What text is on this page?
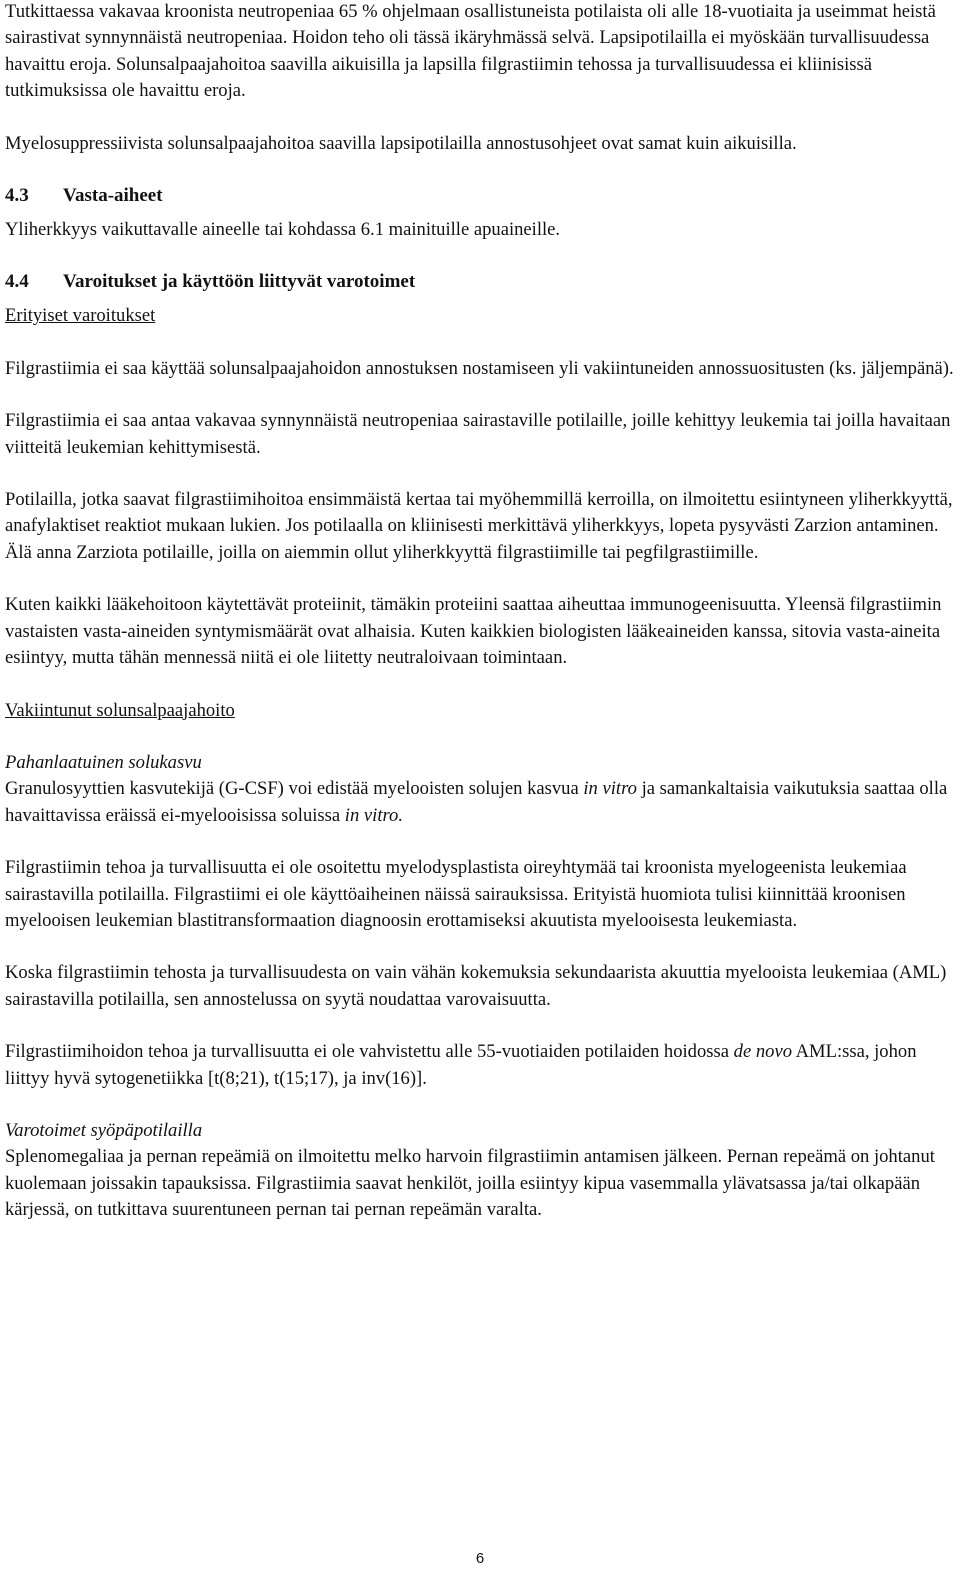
Tutkittaessa vakavaa kroonista neutropeniaa 65 % ohjelmaan osallistuneista potilaista oli alle 18-vuotiaita ja useimmat heistä sairastivat synnynnäistä neutropeniaa. Hoidon teho oli tässä ikäryhmässä selvä. Lapsipotilailla ei myöskään turvallisuudessa havaittu eroja. Solunsalpaajahoitoa saavilla aikuisilla ja lapsilla filgrastiimin tehossa ja turvallisuudessa ei kliinisissä tutkimuksissa ole havaittu eroja.

Myelosuppressiivista solunsalpaajahoitoa saavilla lapsipotilailla annostusohjeet ovat samat kuin aikuisilla.

4.3 Vasta-aiheet

Yliherkkyys vaikuttavalle aineelle tai kohdassa 6.1 mainituille apuaineille.

4.4 Varoitukset ja käyttöön liittyvät varotoimet

Erityiset varoitukset

Filgrastiimia ei saa käyttää solunsalpaajahoidon annostuksen nostamiseen yli vakiintuneiden annossuositusten (ks. jäljempänä).

Filgrastiimia ei saa antaa vakavaa synnynnäistä neutropeniaa sairastaville potilaille, joille kehittyy leukemia tai joilla havaitaan viitteitä leukemian kehittymisestä.

Potilailla, jotka saavat filgrastiimihoitoa ensimmäistä kertaa tai myöhemmillä kerroilla, on ilmoitettu esiintyneen yliherkkyyttä, anafylaktiset reaktiot mukaan lukien. Jos potilaalla on kliinisesti merkittävä yliherkkyys, lopeta pysyvästi Zarzion antaminen. Älä anna Zarziota potilaille, joilla on aiemmin ollut yliherkkyyttä filgrastiimille tai pegfilgrastiimille.

Kuten kaikki lääkehoitoon käytettävät proteiinit, tämäkin proteiini saattaa aiheuttaa immunogeenisuutta. Yleensä filgrastiimin vastaisten vasta-aineiden syntymismäärät ovat alhaisia. Kuten kaikkien biologisten lääkeaineiden kanssa, sitovia vasta-aineita esiintyy, mutta tähän mennessä niitä ei ole liitetty neutraloivaan toimintaan.

Vakiintunut solunsalpaajahoito

Pahanlaatuinen solukasvu

Granulosyyttien kasvutekijä (G-CSF) voi edistää myelooisten solujen kasvua in vitro ja samankaltaisia vaikutuksia saattaa olla havaittavissa eräissä ei-myelooisissa soluissa in vitro.

Filgrastiimin tehoa ja turvallisuutta ei ole osoitettu myelodysplastista oireyhtymää tai kroonista myelogeenista leukemiaa sairastavilla potilailla. Filgrastiimi ei ole käyttöaiheinen näissä sairauksissa. Erityistä huomiota tulisi kiinnittää kroonisen myelooisen leukemian blastitransformaation diagnoosin erottamiseksi akuutista myelooisesta leukemiasta.

Koska filgrastiimin tehosta ja turvallisuudesta on vain vähän kokemuksia sekundaarista akuuttia myelooista leukemiaa (AML) sairastavilla potilailla, sen annostelussa on syytä noudattaa varovaisuutta.

Filgrastiimihoidon tehoa ja turvallisuutta ei ole vahvistettu alle 55-vuotiaiden potilaiden hoidossa de novo AML:ssa, johon liittyy hyvä sytogenetiikka [t(8;21), t(15;17), ja inv(16)].

Varotoimet syöpäpotilailla

Splenomegaliaa ja pernan repeämiä on ilmoitettu melko harvoin filgrastiimin antamisen jälkeen. Pernan repeämä on johtanut kuolemaan joissakin tapauksissa. Filgrastiimia saavat henkilöt, joilla esiintyy kipua vasemmalla ylävatsassa ja/tai olkapään kärjessä, on tutkittava suurentuneen pernan tai pernan repeämän varalta.

6
